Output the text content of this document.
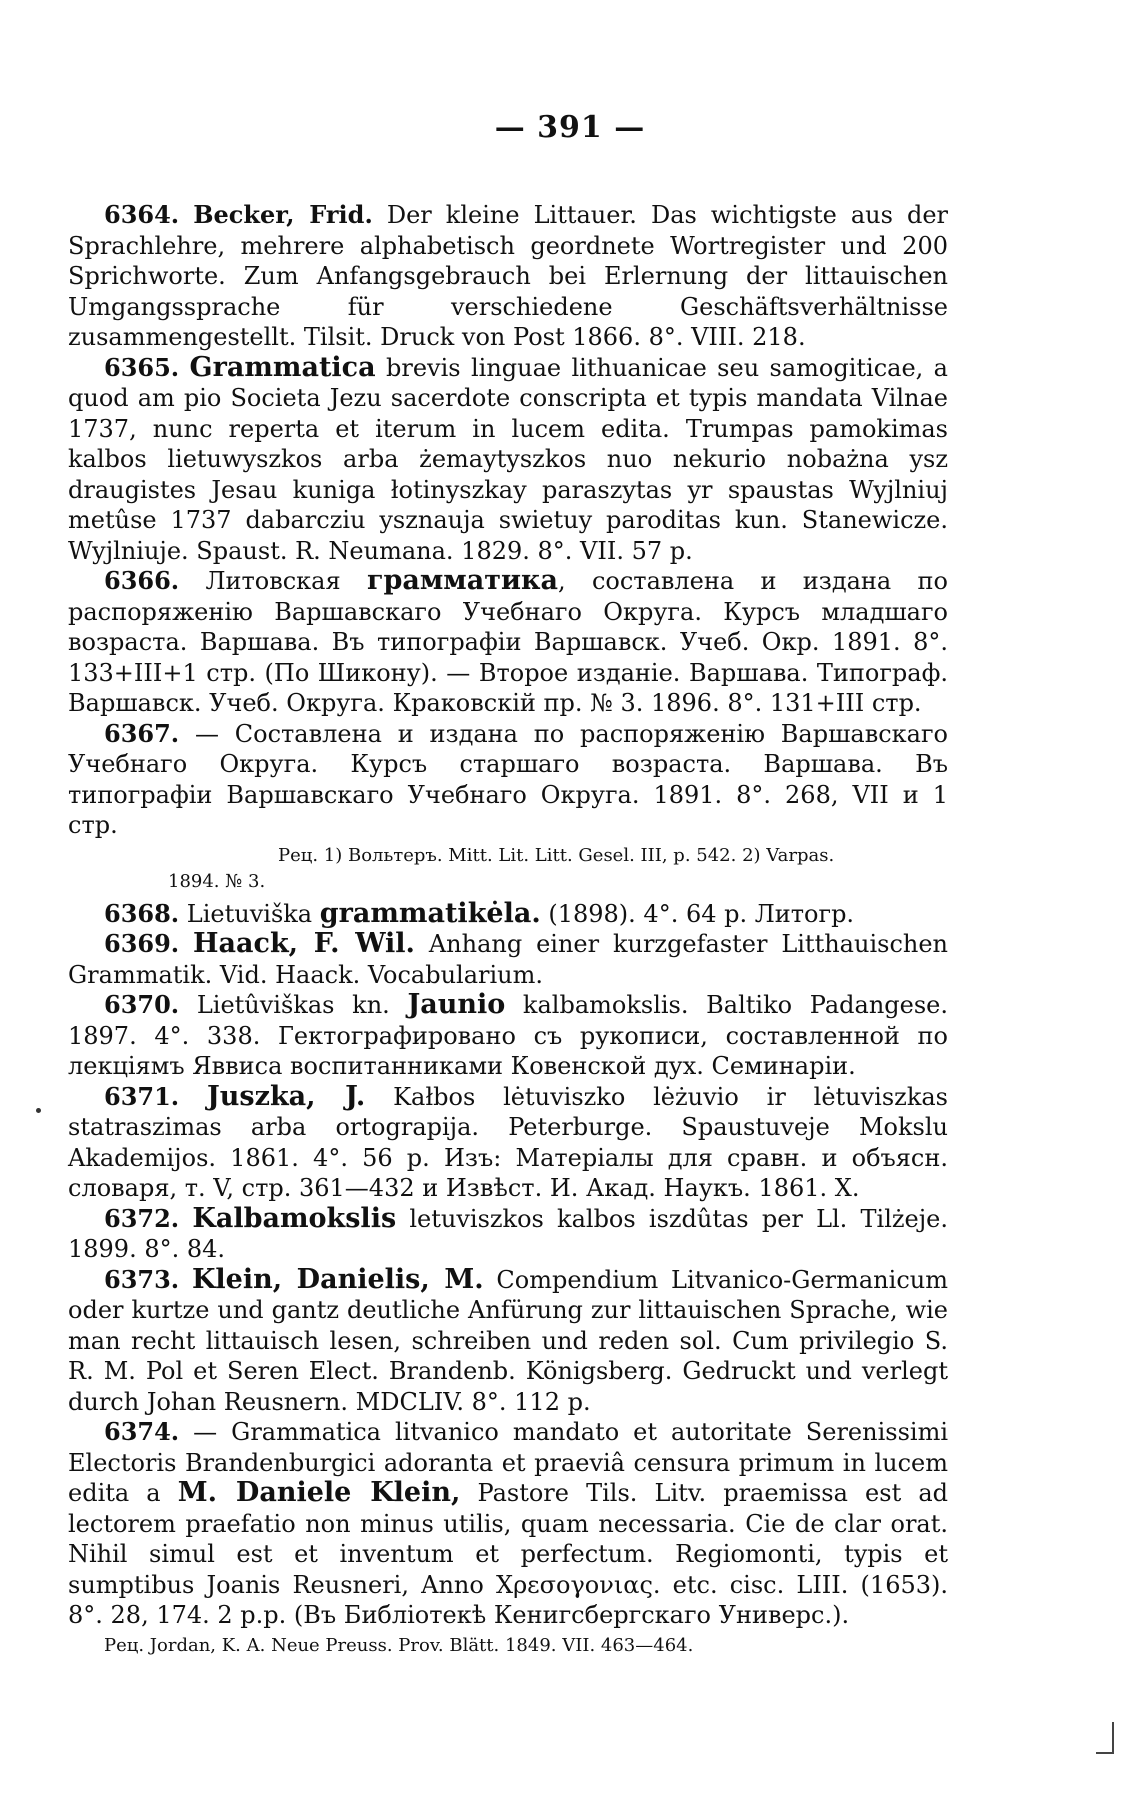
— 391 —

6364. Becker, Frid. Der kleine Littauer. Das wichtigste aus der Sprachlehre, mehrere alphabetisch geordnete Wortregister und 200 Sprichworte. Zum Anfangsgebrauch bei Erlernung der littauischen Umgangssprache für verschiedene Geschäftsverhältnisse zusammengestellt. Tilsit. Druck von Post 1866. 8°. VIII. 218.

6365. Grammatica brevis linguae lithuanicae seu samogiticae, a quod am pio Societa Jezu sacerdote conscripta et typis mandata Vilnae 1737, nunc reperta et iterum in lucem edita. Trumpas pamokimas kalbos lietuwyszkos arba żemaytyszkos nuo nekurio nobażna ysz draugistes Jesau kuniga łotinyszkay paraszytas yr spaustas Wyjlniuj metûse 1737 dabarcziu ysznauja swietuy paroditas kun. Stanewicze. Wyjlniuje. Spaust. R. Neumana. 1829. 8°. VII. 57 p.

6366. Литовская грамматика, составлена и издана по распоряженію Варшавскаго Учебнаго Округа. Курсъ младшаго возраста. Варшава. Въ типографіи Варшавск. Учеб. Окр. 1891. 8°. 133+III+1 стр. (По Шикону). — Второе изданіе. Варшава. Типограф. Варшавск. Учеб. Округа. Краковскій пр. № 3. 1896. 8°. 131+III стр.

6367. — Составлена и издана по распоряженію Варшавскаго Учебнаго Округа. Курсъ старшаго возраста. Варшава. Въ типографіи Варшавскаго Учебнаго Округа. 1891. 8°. 268, VII и 1 стр.

Рец. 1) Вольтеръ. Mitt. Lit. Litt. Gesel. III, p. 542. 2) Varpas.

1894. № 3.

6368. Lietuviška grammatikėla. (1898). 4°. 64 p. Литогр.

6369. Haack, F. Wil. Anhang einer kurzgefaster Litthauischen Grammatik. Vid. Haack. Vocabularium.

6370. Lietûviškas kn. Jaunio kalbamokslis. Baltiko Padangese. 1897. 4°. 338. Гектографировано съ рукописи, составленной по лекціямъ Яввиса воспитанниками Ковенской дух. Семинаріи.

6371. Juszka, J. Kałbos lėtuviszko lėżuvio ir lėtuviszkas statraszimas arba ortograpija. Peterburge. Spaustuveje Mokslu Akademijos. 1861. 4°. 56 p. Изъ: Матеріалы для сравн. и объясн. словаря, т. V, стр. 361—432 и Извѣст. И. Акад. Наукъ. 1861. X.

6372. Kalbamokslis letuviszkos kalbos iszdûtas per Ll. Tilżeje. 1899. 8°. 84.

6373. Klein, Danielis, M. Compendium Litvanico-Germanicum oder kurtze und gantz deutliche Anfürung zur littauischen Sprache, wie man recht littauisch lesen, schreiben und reden sol. Cum privilegio S. R. M. Pol et Seren Elect. Brandenb. Königsberg. Gedruckt und verlegt durch Johan Reusnern. MDCLIV. 8°. 112 p.

6374. — Grammatica litvanico mandato et autoritate Serenissimi Electoris Brandenburgici adoranta et praeviâ censura primum in lucem edita a M. Daniele Klein, Pastore Tils. Litv. praemissa est ad lectorem praefatio non minus utilis, quam necessaria. Cie de clar orat. Nihil simul est et inventum et perfectum. Regiomonti, typis et sumptibus Joanis Reusneri, Anno Χρεσογονιας. etc. cisc. LIII. (1653). 8°. 28, 174. 2 p.p. (Въ Библіотекѣ Кенигсбергскаго Универс.).

Рец. Jordan, K. A. Neue Preuss. Prov. Blätt. 1849. VII. 463—464.
